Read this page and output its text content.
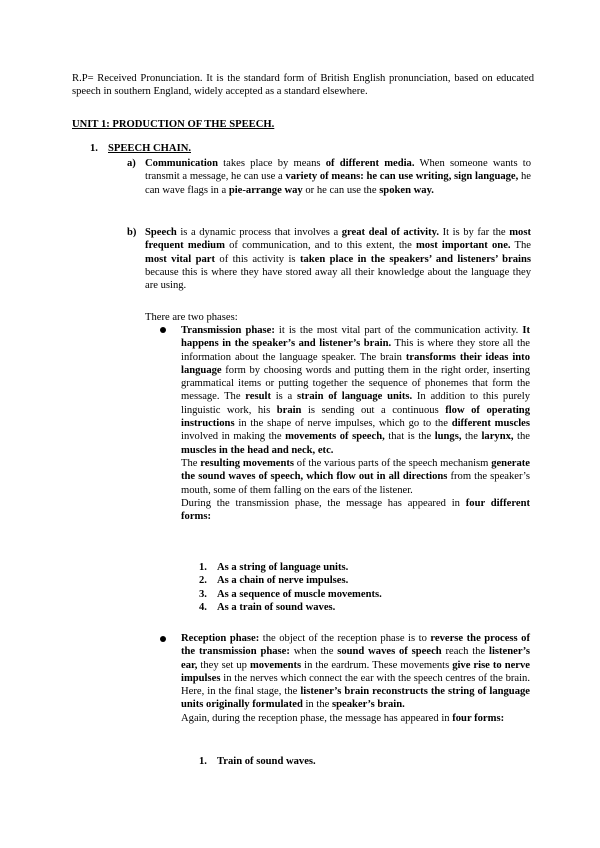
R.P= Received Pronunciation. It is the standard form of British English pronunciation, based on educated speech in southern England, widely accepted as a standard elsewhere.
UNIT 1: PRODUCTION OF THE SPEECH.
1. SPEECH CHAIN.
a) Communication takes place by means of different media. When someone wants to transmit a message, he can use a variety of means: he can use writing, sign language, he can wave flags in a pie-arrange way or he can use the spoken way.
b) Speech is a dynamic process that involves a great deal of activity. It is by far the most frequent medium of communication, and to this extent, the most important one. The most vital part of this activity is taken place in the speakers’ and listeners’ brains because this is where they have stored away all their knowledge about the language they are using.
There are two phases:

Transmission phase: it is the most vital part of the communication activity. It happens in the speaker’s and listener’s brain. This is where they store all the information about the language speaker. The brain transforms their ideas into language form by choosing words and putting them in the right order, inserting grammatical items or putting together the sequence of phonemes that form the message. The result is a strain of language units. In addition to this purely linguistic work, his brain is sending out a continuous flow of operating instructions in the shape of nerve impulses, which go to the different muscles involved in making the movements of speech, that is the lungs, the larynx, the muscles in the head and neck, etc.

The resulting movements of the various parts of the speech mechanism generate the sound waves of speech, which flow out in all directions from the speaker’s mouth, some of them falling on the ears of the listener.

During the transmission phase, the message has appeared in four different forms:

1. As a string of language units.
2. As a chain of nerve impulses.
3. As a sequence of muscle movements.
4. As a train of sound waves.

Reception phase: the object of the reception phase is to reverse the process of the transmission phase: when the sound waves of speech reach the listener’s ear, they set up movements in the eardrum. These movements give rise to nerve impulses in the nerves which connect the ear with the speech centres of the brain. Here, in the final stage, the listener’s brain reconstructs the string of language units originally formulated in the speaker’s brain.

Again, during the reception phase, the message has appeared in four forms:

1. Train of sound waves.
